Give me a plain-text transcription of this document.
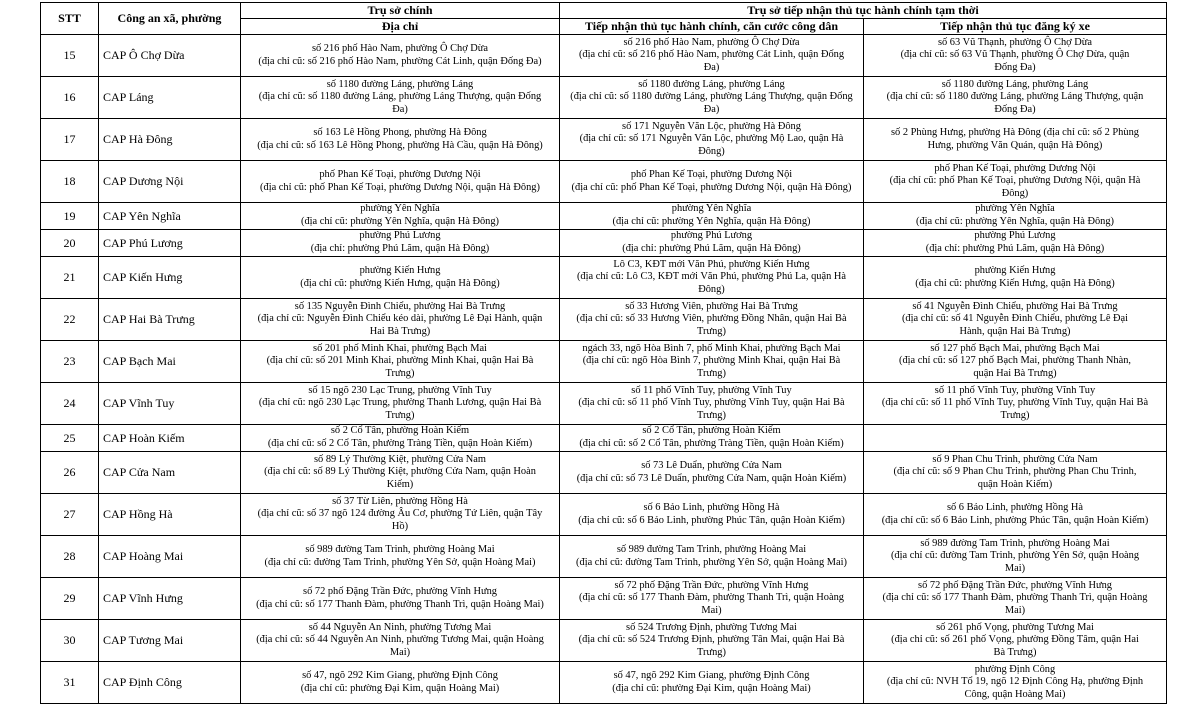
STT	Công an xã, phường	Trụ sở chính	Trụ sở tiếp nhận thủ tục hành chính tạm thời	
		Địa chỉ	Tiếp nhận thủ tục hành chính, căn cước công dân	Tiếp nhận thủ tục đăng ký xe
15	CAP Ô Chợ Dừa	số 216 phố Hào Nam, phường Ô Chợ Dừa
(địa chỉ cũ: số 216 phố Hào Nam, phường Cát Linh, quận Đống Đa)	số 216 phố Hào Nam, phường Ô Chợ Dừa
(địa chỉ cũ: số 216 phố Hào Nam, phường Cát Linh, quận Đống
Đa)	số 63 Vũ Thạnh, phường Ô Chợ Dừa
(địa chỉ cũ: số 63 Vũ Thạnh, phường Ô Chợ Dừa, quận
Đống Đa)

16	CAP Láng	số 1180 đường Láng, phường Láng
(địa chỉ cũ: số 1180 đường Láng, phường Láng Thượng, quận Đống
Đa)	số 1180 đường Láng, phường Láng
(địa chỉ cũ: số 1180 đường Láng, phường Láng Thượng, quận Đống
Đa)	số 1180 đường Láng, phường Láng
(địa chỉ cũ: số 1180 đường Láng, phường Láng Thượng, quận
Đống Đa)

17	CAP Hà Đông	số 163 Lê Hồng Phong, phường Hà Đông
(địa chỉ cũ: số 163 Lê Hồng Phong, phường Hà Cầu, quận Hà Đông)	số 171 Nguyễn Văn Lộc, phường Hà Đông
(địa chỉ cũ: số 171 Nguyễn Văn Lộc, phường Mộ Lao, quận Hà
Đông)	số 2 Phùng Hưng, phường Hà Đông (địa chỉ cũ: số 2 Phùng
Hưng, phường Văn Quán, quận Hà Đông)

18	CAP Dương Nội	phố Phan Kế Toại, phường Dương Nội
(địa chỉ cũ: phố Phan Kế Toại, phường Dương Nội, quận Hà Đông)	phố Phan Kế Toại, phường Dương Nội
(địa chỉ cũ: phố Phan Kế Toại, phường Dương Nội, quận Hà Đông)	phố Phan Kế Toại, phường Dương Nội
(địa chỉ cũ: phố Phan Kế Toại, phường Dương Nội, quận Hà
Đông)

19	CAP Yên Nghĩa	phường Yên Nghĩa
(địa chỉ cũ: phường Yên Nghĩa, quận Hà Đông)	phường Yên Nghĩa
(địa chỉ cũ: phường Yên Nghĩa, quận Hà Đông)	phường Yên Nghĩa
(địa chỉ cũ: phường Yên Nghĩa, quận Hà Đông)

20	CAP Phú Lương	phường Phú Lương
(địa chỉ: phường Phú Lãm, quận Hà Đông)	phường Phú Lương
(địa chỉ: phường Phú Lãm, quận Hà Đông)	phường Phú Lương
(địa chỉ: phường Phú Lãm, quận Hà Đông)

21	CAP Kiến Hưng	phường Kiến Hưng
(địa chỉ cũ: phường Kiến Hưng, quận Hà Đông)	Lô C3, KĐT mới Văn Phú, phường Kiến Hưng
(địa chỉ cũ: Lô C3, KĐT mới Văn Phú, phường Phú La, quận Hà
Đông)	phường Kiến Hưng
(địa chỉ cũ: phường Kiến Hưng, quận Hà Đông)

22	CAP Hai Bà Trưng	số 135 Nguyễn Đình Chiểu, phường Hai Bà Trưng
(địa chỉ cũ: Nguyễn Đình Chiểu kéo dài, phường Lê Đại Hành, quận
Hai Bà Trưng)	số 33 Hương Viên, phường Hai Bà Trưng
(địa chỉ cũ: số 33 Hương Viên, phường Đồng Nhân, quận Hai Bà
Trưng)	số 41 Nguyễn Đình Chiểu, phường Hai Bà Trưng
(địa chỉ cũ: số 41 Nguyễn Đình Chiểu, phường Lê Đại
Hành, quận Hai Bà Trưng)

23	CAP Bạch Mai	số 201 phố Minh Khai, phường Bạch Mai
(địa chỉ cũ: số 201 Minh Khai, phường Minh Khai, quận Hai Bà
Trưng)	ngách 33, ngõ Hòa Bình 7, phố Minh Khai, phường Bạch Mai
(địa chỉ cũ: ngõ Hòa Bình 7, phường Minh Khai, quận Hai Bà
Trưng)	số 127 phố Bạch Mai, phường Bạch Mai
(địa chỉ cũ: số 127 phố Bạch Mai, phường Thanh Nhàn,
quận Hai Bà Trưng)

24	CAP Vĩnh Tuy	số 15 ngõ 230 Lạc Trung, phường Vĩnh Tuy
(địa chỉ cũ: ngõ 230 Lạc Trung, phường Thanh Lương, quận Hai Bà
Trưng)	số 11 phố Vĩnh Tuy, phường Vĩnh Tuy
(địa chỉ cũ: số 11 phố Vĩnh Tuy, phường Vĩnh Tuy, quận Hai Bà
Trưng)	số 11 phố Vĩnh Tuy, phường Vĩnh Tuy
(địa chỉ cũ: số 11 phố Vĩnh Tuy, phường Vĩnh Tuy, quận Hai Bà
Trưng)

25	CAP Hoàn Kiếm	số 2 Cổ Tân, phường Hoàn Kiếm
(địa chỉ cũ: số 2 Cổ Tân, phường Tràng Tiền, quận Hoàn Kiếm)	số 2 Cổ Tân, phường Hoàn Kiếm
(địa chỉ cũ: số 2 Cổ Tân, phường Tràng Tiền, quận Hoàn Kiếm)	

26	CAP Cửa Nam	số 89 Lý Thường Kiệt, phường Cửa Nam
(địa chỉ cũ: số 89 Lý Thường Kiệt, phường Cửa Nam, quận Hoàn
Kiếm)	số 73 Lê Duẩn, phường Cửa Nam
(địa chỉ cũ: số 73 Lê Duẩn, phường Cửa Nam, quận Hoàn Kiếm)	số 9 Phan Chu Trinh, phường Cửa Nam
(địa chỉ cũ: số 9 Phan Chu Trinh, phường Phan Chu Trinh,
quận Hoàn Kiếm)

27	CAP Hồng Hà	số 37 Từ Liên, phường Hồng Hà
(địa chỉ cũ: số 37 ngõ 124 đường Âu Cơ, phường Tứ Liên, quận Tây
Hồ)	số 6 Bảo Linh, phường Hồng Hà
(địa chỉ cũ: số 6 Bảo Linh, phường Phúc Tân, quận Hoàn Kiếm)	số 6 Bảo Linh, phường Hồng Hà
(địa chỉ cũ: số 6 Bảo Linh, phường Phúc Tân, quận Hoàn Kiếm)

28	CAP Hoàng Mai	số 989 đường Tam Trinh, phường Hoàng Mai
(địa chỉ cũ: đường Tam Trinh, phường Yên Sở, quận Hoàng Mai)	số 989 đường Tam Trinh, phường Hoàng Mai
(địa chỉ cũ: đường Tam Trinh, phường Yên Sở, quận Hoàng Mai)	số 989 đường Tam Trinh, phường Hoàng Mai
(địa chỉ cũ: đường Tam Trinh, phường Yên Sở, quận Hoàng
Mai)

29	CAP Vĩnh Hưng	số 72 phố Đặng Trần Đức, phường Vĩnh Hưng
(địa chỉ cũ: số 177 Thanh Đàm, phường Thanh Trì, quận Hoàng Mai)	số 72 phố Đặng Trần Đức, phường Vĩnh Hưng
(địa chỉ cũ: số 177 Thanh Đàm, phường Thanh Trì, quận Hoàng
Mai)	số 72 phố Đặng Trần Đức, phường Vĩnh Hưng
(địa chỉ cũ: số 177 Thanh Đàm, phường Thanh Trì, quận Hoàng
Mai)

30	CAP Tương Mai	số 44 Nguyễn An Ninh, phường Tương Mai
(địa chỉ cũ: số 44 Nguyễn An Ninh, phường Tương Mai, quận Hoàng
Mai)	số 524 Trương Định, phường Tương Mai
(địa chỉ cũ: số 524 Trương Định, phường Tân Mai, quận Hai Bà
Trưng)	số 261 phố Vọng, phường Tương Mai
(địa chỉ cũ: số 261 phố Vọng, phường Đồng Tâm, quận Hai
Bà Trưng)

31	CAP Định Công	số 47, ngõ 292 Kim Giang, phường Định Công
(địa chỉ cũ: phường Đại Kim, quận Hoàng Mai)	số 47, ngõ 292 Kim Giang, phường Định Công
(địa chỉ cũ: phường Đại Kim, quận Hoàng Mai)	phường Định Công
(địa chỉ cũ: NVH Tổ 19, ngõ 12 Định Công Hạ, phường Định
Công, quận Hoàng Mai)
